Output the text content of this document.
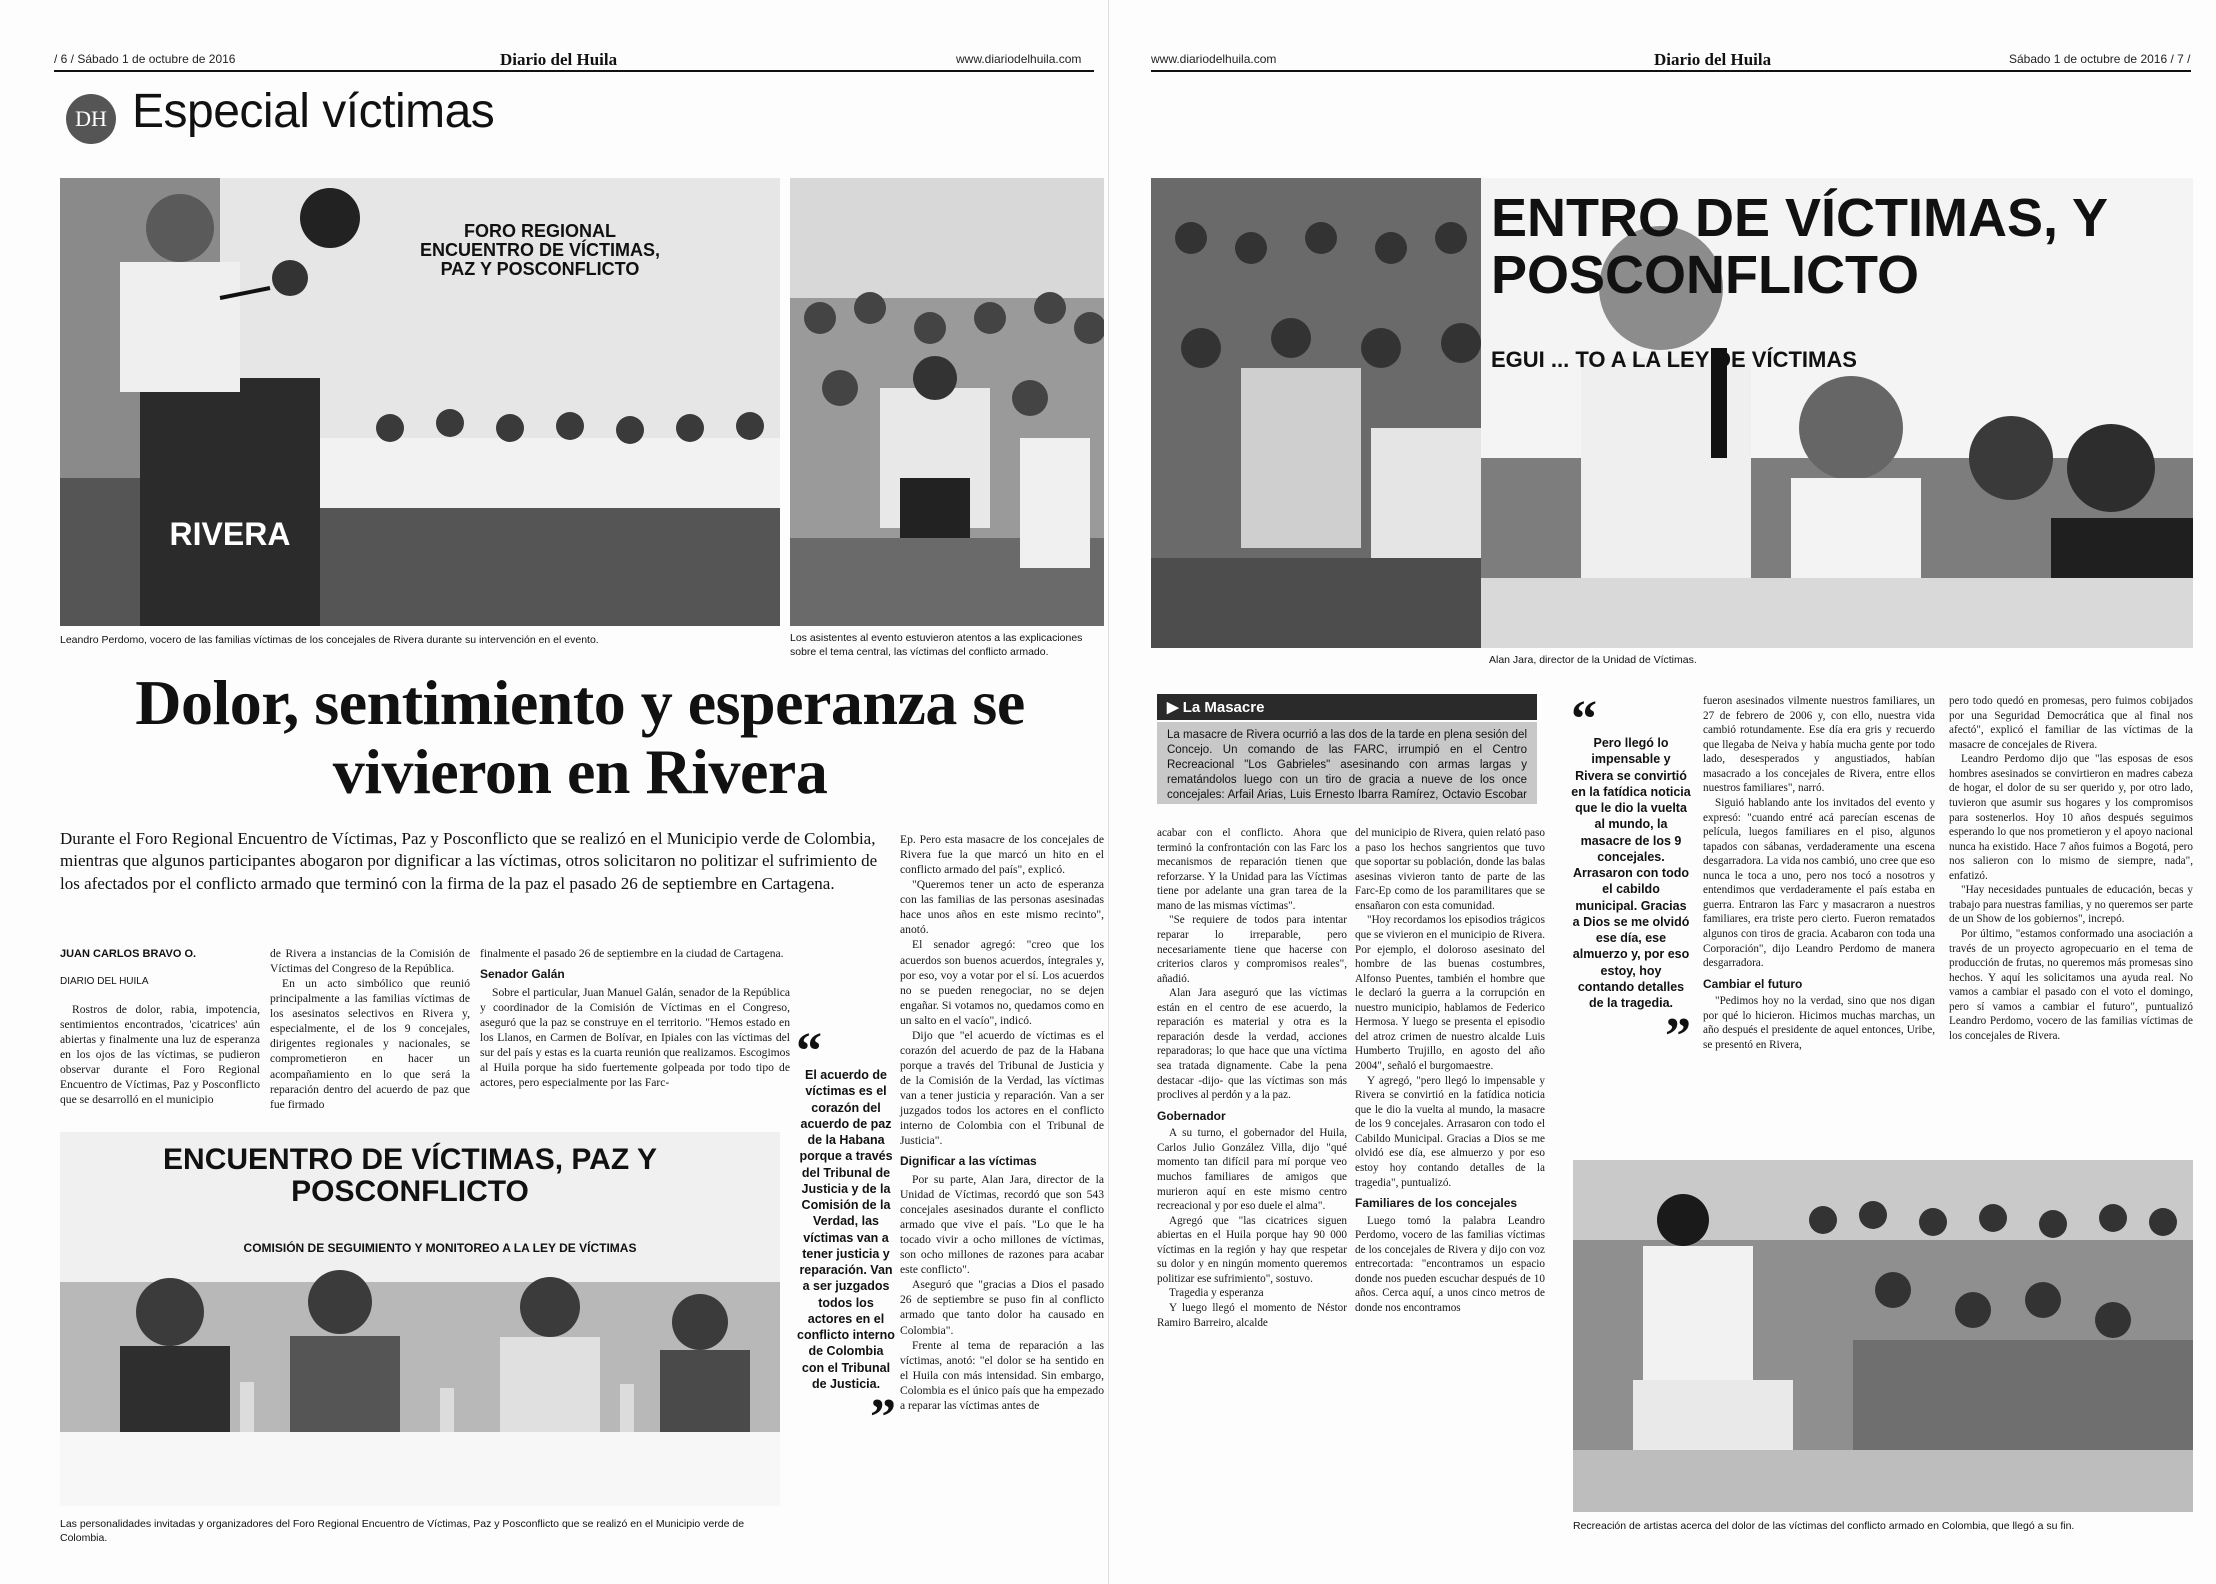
/ 6 / Sábado 1 de octubre de 2016	Diario del Huila	www.diariodelhuila.com
DH Especial víctimas
FORO REGIONAL ENCUENTRO DE VÍCTIMAS, PAZ Y POSCONFLICTO
RIVERA
Leandro Perdomo, vocero de las familias víctimas de los concejales de Rivera durante su intervención en el evento.	Los asistentes al evento estuvieron atentos a las explicaciones sobre el tema central, las víctimas del conflicto armado.
Dolor, sentimiento y esperanza se vivieron en Rivera
Durante el Foro Regional Encuentro de Víctimas, Paz y Posconflicto que se realizó en el Municipio verde de Colombia, mientras que algunos participantes abogaron por dignificar a las víctimas, otros solicitaron no politizar el sufrimiento de los afectados por el conflicto armado que terminó con la firma de la paz el pasado 26 de septiembre en Cartagena.
JUAN CARLOS BRAVO O.
DIARIO DEL HUILA

Rostros de dolor, rabia, impotencia, sentimientos encontrados, 'cicatrices' aún abiertas y finalmente una luz de esperanza en los ojos de las víctimas, se pudieron observar durante el Foro Regional Encuentro de Víctimas, Paz y Posconflicto que se desarrolló en el municipio

de Rivera a instancias de la Comisión de Víctimas del Congreso de la República.

En un acto simbólico que reunió principalmente a las familias víctimas de los asesinatos selectivos en Rivera y, especialmente, el de los 9 concejales, dirigentes regionales y nacionales, se comprometieron en hacer un acompañamiento en lo que será la reparación dentro del acuerdo de paz que fue firmado

finalmente el pasado 26 de septiembre en la ciudad de Cartagena.

Senador Galán

Sobre el particular, Juan Manuel Galán, senador de la República y coordinador de la Comisión de Víctimas en el Congreso, aseguró que la paz se construye en el territorio. "Hemos estado en los Llanos, en Carmen de Bolívar, en Ipiales con las víctimas del sur del país y estas es la cuarta reunión que realizamos. Escogimos al Huila porque ha sido fuertemente golpeada por todo tipo de actores, pero especialmente por las Farc-

ENCUENTRO DE VÍCTIMAS, PAZ Y POSCONFLICTO
COMISIÓN DE SEGUIMIENTO Y MONITOREO A LA LEY DE VÍCTIMAS
Las personalidades invitadas y organizadores del Foro Regional Encuentro de Víctimas, Paz y Posconflicto que se realizó en el Municipio verde de Colombia.
“
El acuerdo de víctimas es el corazón del acuerdo de paz de la Habana porque a través del Tribunal de Justicia y de la Comisión de la Verdad, las víctimas van a tener justicia y reparación. Van a ser juzgados todos los actores en el conflicto interno de Colombia con el Tribunal de Justicia.
”

Ep. Pero esta masacre de los concejales de Rivera fue la que marcó un hito en el conflicto armado del país", explicó.

"Queremos tener un acto de esperanza con las familias de las personas asesinadas hace unos años en este mismo recinto", anotó.

El senador agregó: "creo que los acuerdos son buenos acuerdos, íntegrales y, por eso, voy a votar por el sí. Los acuerdos no se pueden renegociar, no se dejen engañar. Si votamos no, quedamos como en un salto en el vacío", indicó.

Dijo que "el acuerdo de víctimas es el corazón del acuerdo de paz de la Habana porque a través del Tribunal de Justicia y de la Comisión de la Verdad, las víctimas van a tener justicia y reparación. Van a ser juzgados todos los actores en el conflicto interno de Colombia con el Tribunal de Justicia".

Dignificar a las víctimas

Por su parte, Alan Jara, director de la Unidad de Víctimas, recordó que son 543 concejales asesinados durante el conflicto armado que vive el país. "Lo que le ha tocado vivir a ocho millones de víctimas, son ocho millones de razones para acabar este conflicto".

Aseguró que "gracias a Dios el pasado 26 de septiembre se puso fin al conflicto armado que tanto dolor ha causado en Colombia".

Frente al tema de reparación a las víctimas, anotó: "el dolor se ha sentido en el Huila con más intensidad. Sin embargo, Colombia es el único país que ha empezado a reparar las víctimas antes de

www.diariodelhuila.com	Diario del Huila	Sábado 1 de octubre de 2016 / 7 /
ENTRO DE VÍCTIMAS, Y POSCONFLICTO
EGUI ... TO A LA LEY DE VÍCTIMAS
Alan Jara, director de la Unidad de Víctimas.
▶ La Masacre
La masacre de Rivera ocurrió a las dos de la tarde en plena sesión del Concejo. Un comando de las FARC, irrumpió en el Centro Recreacional "Los Gabrieles" asesinando con armas largas y rematándolos luego con un tiro de gracia a nueve de los once concejales: Arfail Arias, Luis Ernesto Ibarra Ramírez, Octavio Escobar

acabar con el conflicto. Ahora que terminó la confrontación con las Farc los mecanismos de reparación tienen que reforzarse. Y la Unidad para las Víctimas tiene por adelante una gran tarea de la mano de las mismas víctimas".

"Se requiere de todos para intentar reparar lo irreparable, pero necesariamente tiene que hacerse con criterios claros y compromisos reales", añadió.

Alan Jara aseguró que las víctimas están en el centro de ese acuerdo, la reparación es material y otra es la reparación desde la verdad, acciones reparadoras; lo que hace que una víctima sea tratada dignamente. Cabe la pena destacar -dijo- que las víctimas son más proclives al perdón y a la paz.

Gobernador

A su turno, el gobernador del Huila, Carlos Julio González Villa, dijo "qué momento tan difícil para mí porque veo muchos familiares de amigos que murieron aquí en este mismo centro recreacional y por eso duele el alma".

Agregó que "las cicatrices siguen abiertas en el Huila porque hay 90 000 víctimas en la región y hay que respetar su dolor y en ningún momento queremos politizar ese sufrimiento", sostuvo.

Tragedia y esperanza

Y luego llegó el momento de Néstor Ramiro Barreiro, alcalde

del municipio de Rivera, quien relató paso a paso los hechos sangrientos que tuvo que soportar su población, donde las balas asesinas vivieron tanto de parte de las Farc-Ep como de los paramilitares que se ensañaron con esta comunidad.

"Hoy recordamos los episodios trágicos que se vivieron en el municipio de Rivera. Por ejemplo, el doloroso asesinato del hombre de las buenas costumbres, Alfonso Puentes, también el hombre que le declaró la guerra a la corrupción en nuestro municipio, hablamos de Federico Hermosa. Y luego se presenta el episodio del atroz crimen de nuestro alcalde Luis Humberto Trujillo, en agosto del año 2004", señaló el burgomaestre.

Y agregó, "pero llegó lo impensable y Rivera se convirtió en la fatídica noticia que le dio la vuelta al mundo, la masacre de los 9 concejales. Arrasaron con todo el Cabildo Municipal. Gracias a Dios se me olvidó ese día, ese almuerzo y por eso estoy hoy contando detalles de la tragedia", puntualizó.

Familiares de los concejales

Luego tomó la palabra Leandro Perdomo, vocero de las familias víctimas de los concejales de Rivera y dijo con voz entrecortada: "encontramos un espacio donde nos pueden escuchar después de 10 años. Cerca aquí, a unos cinco metros de donde nos encontramos

“
Pero llegó lo impensable y Rivera se convirtió en la fatídica noticia que le dio la vuelta al mundo, la masacre de los 9 concejales. Arrasaron con todo el cabildo municipal. Gracias a Dios se me olvidó ese día, ese almuerzo y, por eso estoy, hoy contando detalles de la tragedia.
”

fueron asesinados vilmente nuestros familiares, un 27 de febrero de 2006 y, con ello, nuestra vida cambió rotundamente. Ese día era gris y recuerdo que llegaba de Neiva y había mucha gente por todo lado, desesperados y angustiados, habían masacrado a los concejales de Rivera, entre ellos nuestros familiares", narró.

Siguió hablando ante los invitados del evento y expresó: "cuando entré acá parecían escenas de película, luegos familiares en el piso, algunos tapados con sábanas, verdaderamente una escena desgarradora. La vida nos cambió, uno cree que eso nunca le toca a uno, pero nos tocó a nosotros y entendimos que verdaderamente el país estaba en guerra. Entraron las Farc y masacraron a nuestros familiares, era triste pero cierto. Fueron rematados algunos con tiros de gracia. Acabaron con toda una Corporación", dijo Leandro Perdomo de manera desgarradora.

Cambiar el futuro

"Pedimos hoy no la verdad, sino que nos digan por qué lo hicieron. Hicimos muchas marchas, un año después el presidente de aquel entonces, Uribe, se presentó en Rivera,

pero todo quedó en promesas, pero fuimos cobijados por una Seguridad Democrática que al final nos afectó", explicó el familiar de las víctimas de la masacre de concejales de Rivera.

Leandro Perdomo dijo que "las esposas de esos hombres asesinados se convirtieron en madres cabeza de hogar, el dolor de su ser querido y, por otro lado, tuvieron que asumir sus hogares y los compromisos para sostenerlos. Hoy 10 años después seguimos esperando lo que nos prometieron y el apoyo nacional nunca ha existido. Hace 7 años fuimos a Bogotá, pero nos salieron con lo mismo de siempre, nada", enfatizó.

"Hay necesidades puntuales de educación, becas y trabajo para nuestras familias, y no queremos ser parte de un Show de los gobiernos", increpó.

Por último, "estamos conformado una asociación a través de un proyecto agropecuario en el tema de producción de frutas, no queremos más promesas sino hechos. Y aquí les solicitamos una ayuda real. No vamos a cambiar el pasado con el voto el domingo, pero sí vamos a cambiar el futuro", puntualizó Leandro Perdomo, vocero de las familias víctimas de los concejales de Rivera.

Recreación de artistas acerca del dolor de las víctimas del conflicto armado en Colombia, que llegó a su fin.
